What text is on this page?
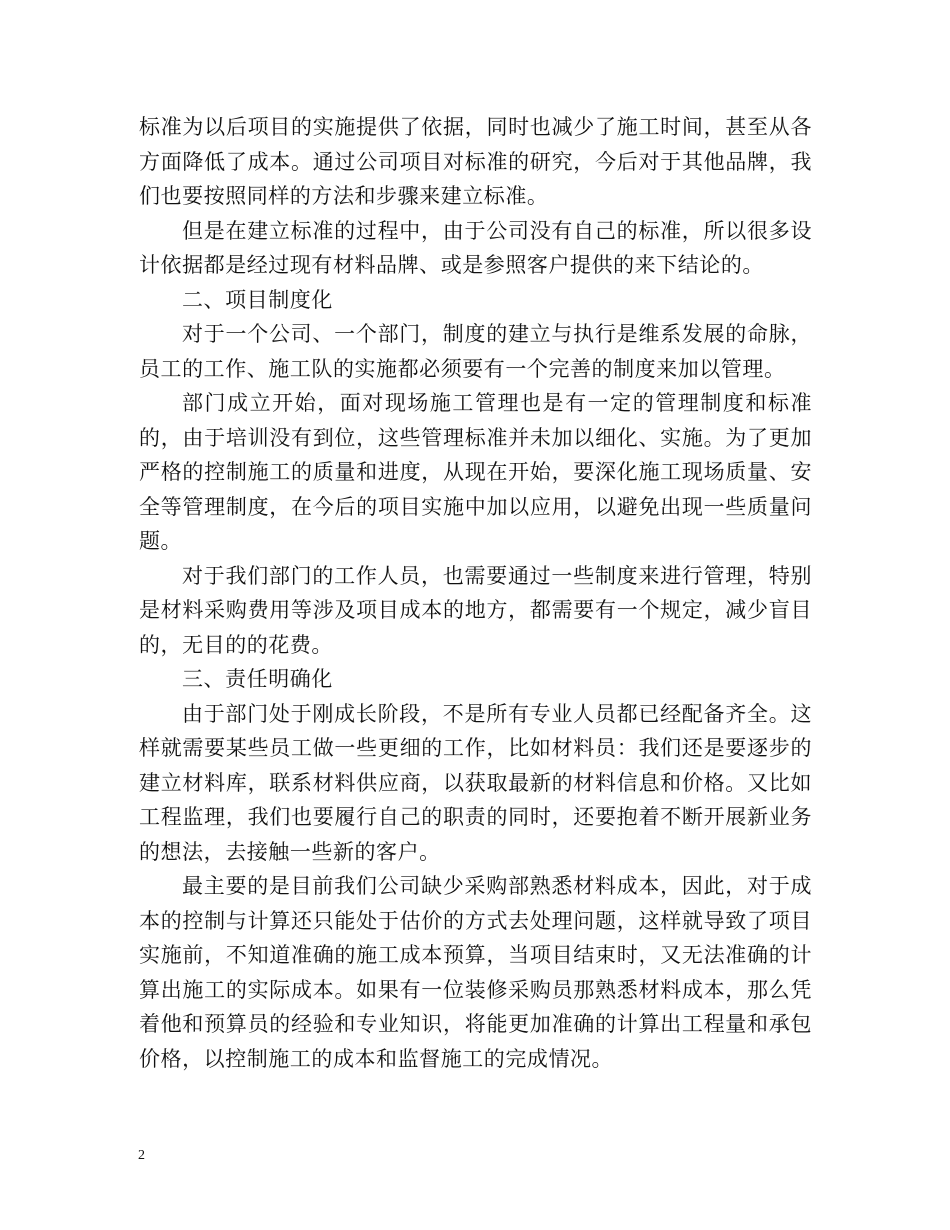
标准为以后项目的实施提供了依据，同时也减少了施工时间，甚至从各方面降低了成本。通过公司项目对标准的研究，今后对于其他品牌，我们也要按照同样的方法和步骤来建立标准。

但是在建立标准的过程中，由于公司没有自己的标准，所以很多设计依据都是经过现有材料品牌、或是参照客户提供的来下结论的。

二、项目制度化

对于一个公司、一个部门，制度的建立与执行是维系发展的命脉，员工的工作、施工队的实施都必须要有一个完善的制度来加以管理。

部门成立开始，面对现场施工管理也是有一定的管理制度和标准的，由于培训没有到位，这些管理标准并未加以细化、实施。为了更加严格的控制施工的质量和进度，从现在开始，要深化施工现场质量、安全等管理制度，在今后的项目实施中加以应用，以避免出现一些质量问题。

对于我们部门的工作人员，也需要通过一些制度来进行管理，特别是材料采购费用等涉及项目成本的地方，都需要有一个规定，减少盲目的，无目的的花费。

三、责任明确化

由于部门处于刚成长阶段，不是所有专业人员都已经配备齐全。这样就需要某些员工做一些更细的工作，比如材料员：我们还是要逐步的建立材料库，联系材料供应商，以获取最新的材料信息和价格。又比如工程监理，我们也要履行自己的职责的同时，还要抱着不断开展新业务的想法，去接触一些新的客户。

最主要的是目前我们公司缺少采购部熟悉材料成本，因此，对于成本的控制与计算还只能处于估价的方式去处理问题，这样就导致了项目实施前，不知道准确的施工成本预算，当项目结束时，又无法准确的计算出施工的实际成本。如果有一位装修采购员那熟悉材料成本，那么凭着他和预算员的经验和专业知识，将能更加准确的计算出工程量和承包价格，以控制施工的成本和监督施工的完成情况。

2
